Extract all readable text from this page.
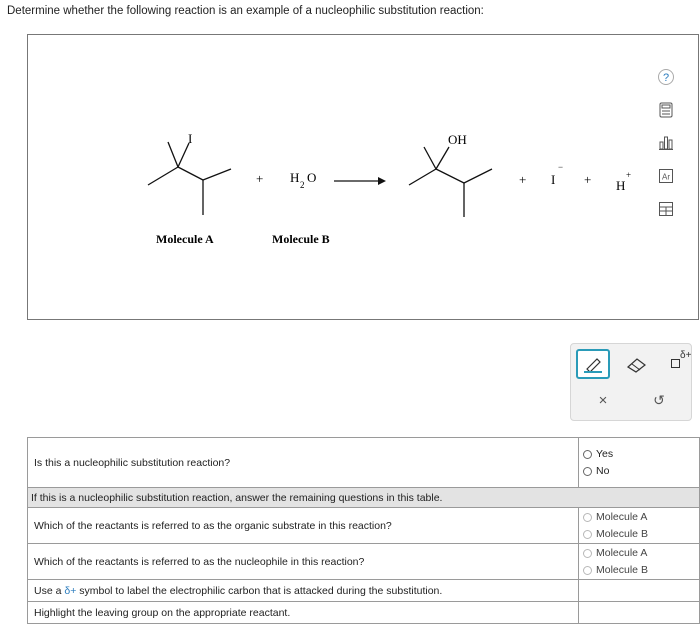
Determine whether the following reaction is an example of a nucleophilic substitution reaction:
I
+ H 2 O
OH
+ I
−
+ H
+
Molecule A	Molecule B
?
Ar
×	↺
δ+
Is this a nucleophilic substitution reaction?	Yes
No

If this is a nucleophilic substitution reaction, answer the remaining questions in this table.	
Which of the reactants is referred to as the organic substrate in this reaction?	Molecule A
Molecule B

Which of the reactants is referred to as the nucleophile in this reaction?	Molecule A
Molecule B

Use a δ+ symbol to label the electrophilic carbon that is attacked during the substitution.	
Highlight the leaving group on the appropriate reactant.	
